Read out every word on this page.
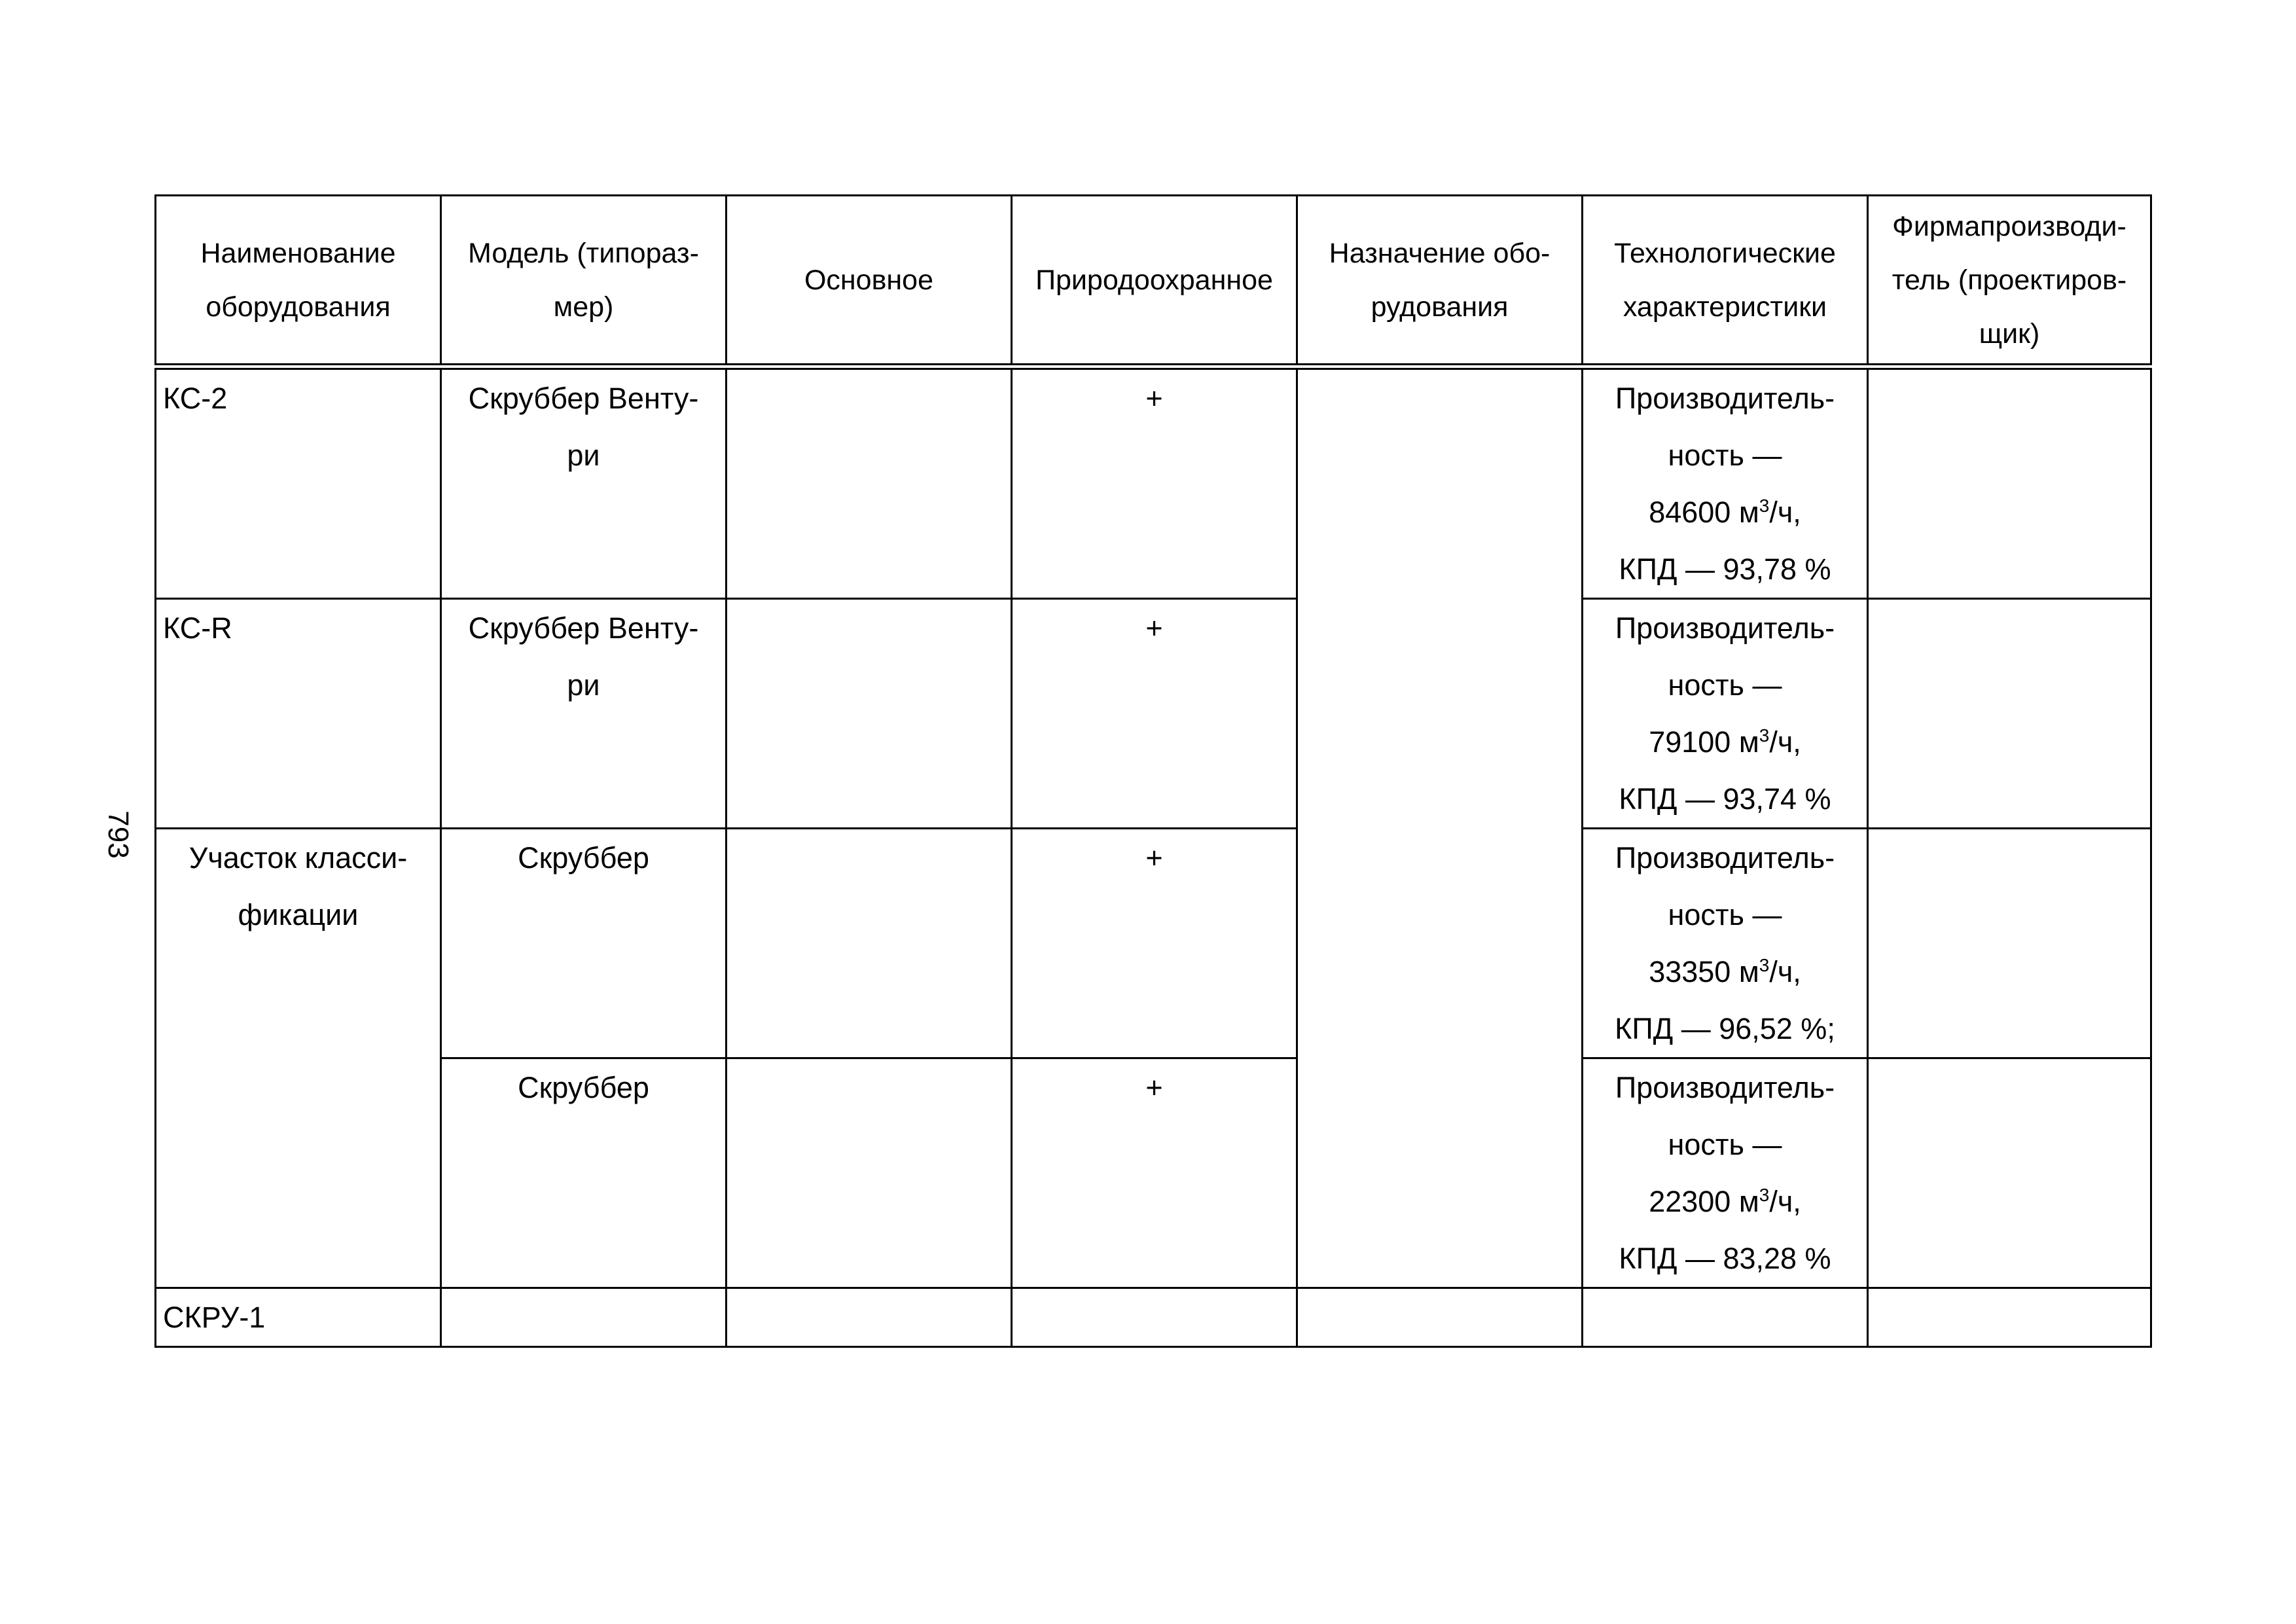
793
Наименование
оборудования	Модель (типораз-
мер)	Основное	Природоохранное	Назначение обо-
рудования	Технологические
характеристики	Фирмапроизводи-
тель (проектиров-
щик)
КС-2	Скруббер Венту-
ри		+		Производитель-
ность —
84600 $м^3/ч$,
КПД — 93,78 %	
КС-R	Скруббер Венту-
ри		+		Производитель-
ность —
79100 $м^3/ч$,
КПД — 93,74 %	
Участок класси-
фикации	Скруббер		+		Производитель-
ность —
33350 $м^3/ч$,
КПД — 96,52 %;	
	Скруббер		+		Производитель-
ность —
22300 $м^3/ч$,
КПД — 83,28 %	
СКРУ-1						
